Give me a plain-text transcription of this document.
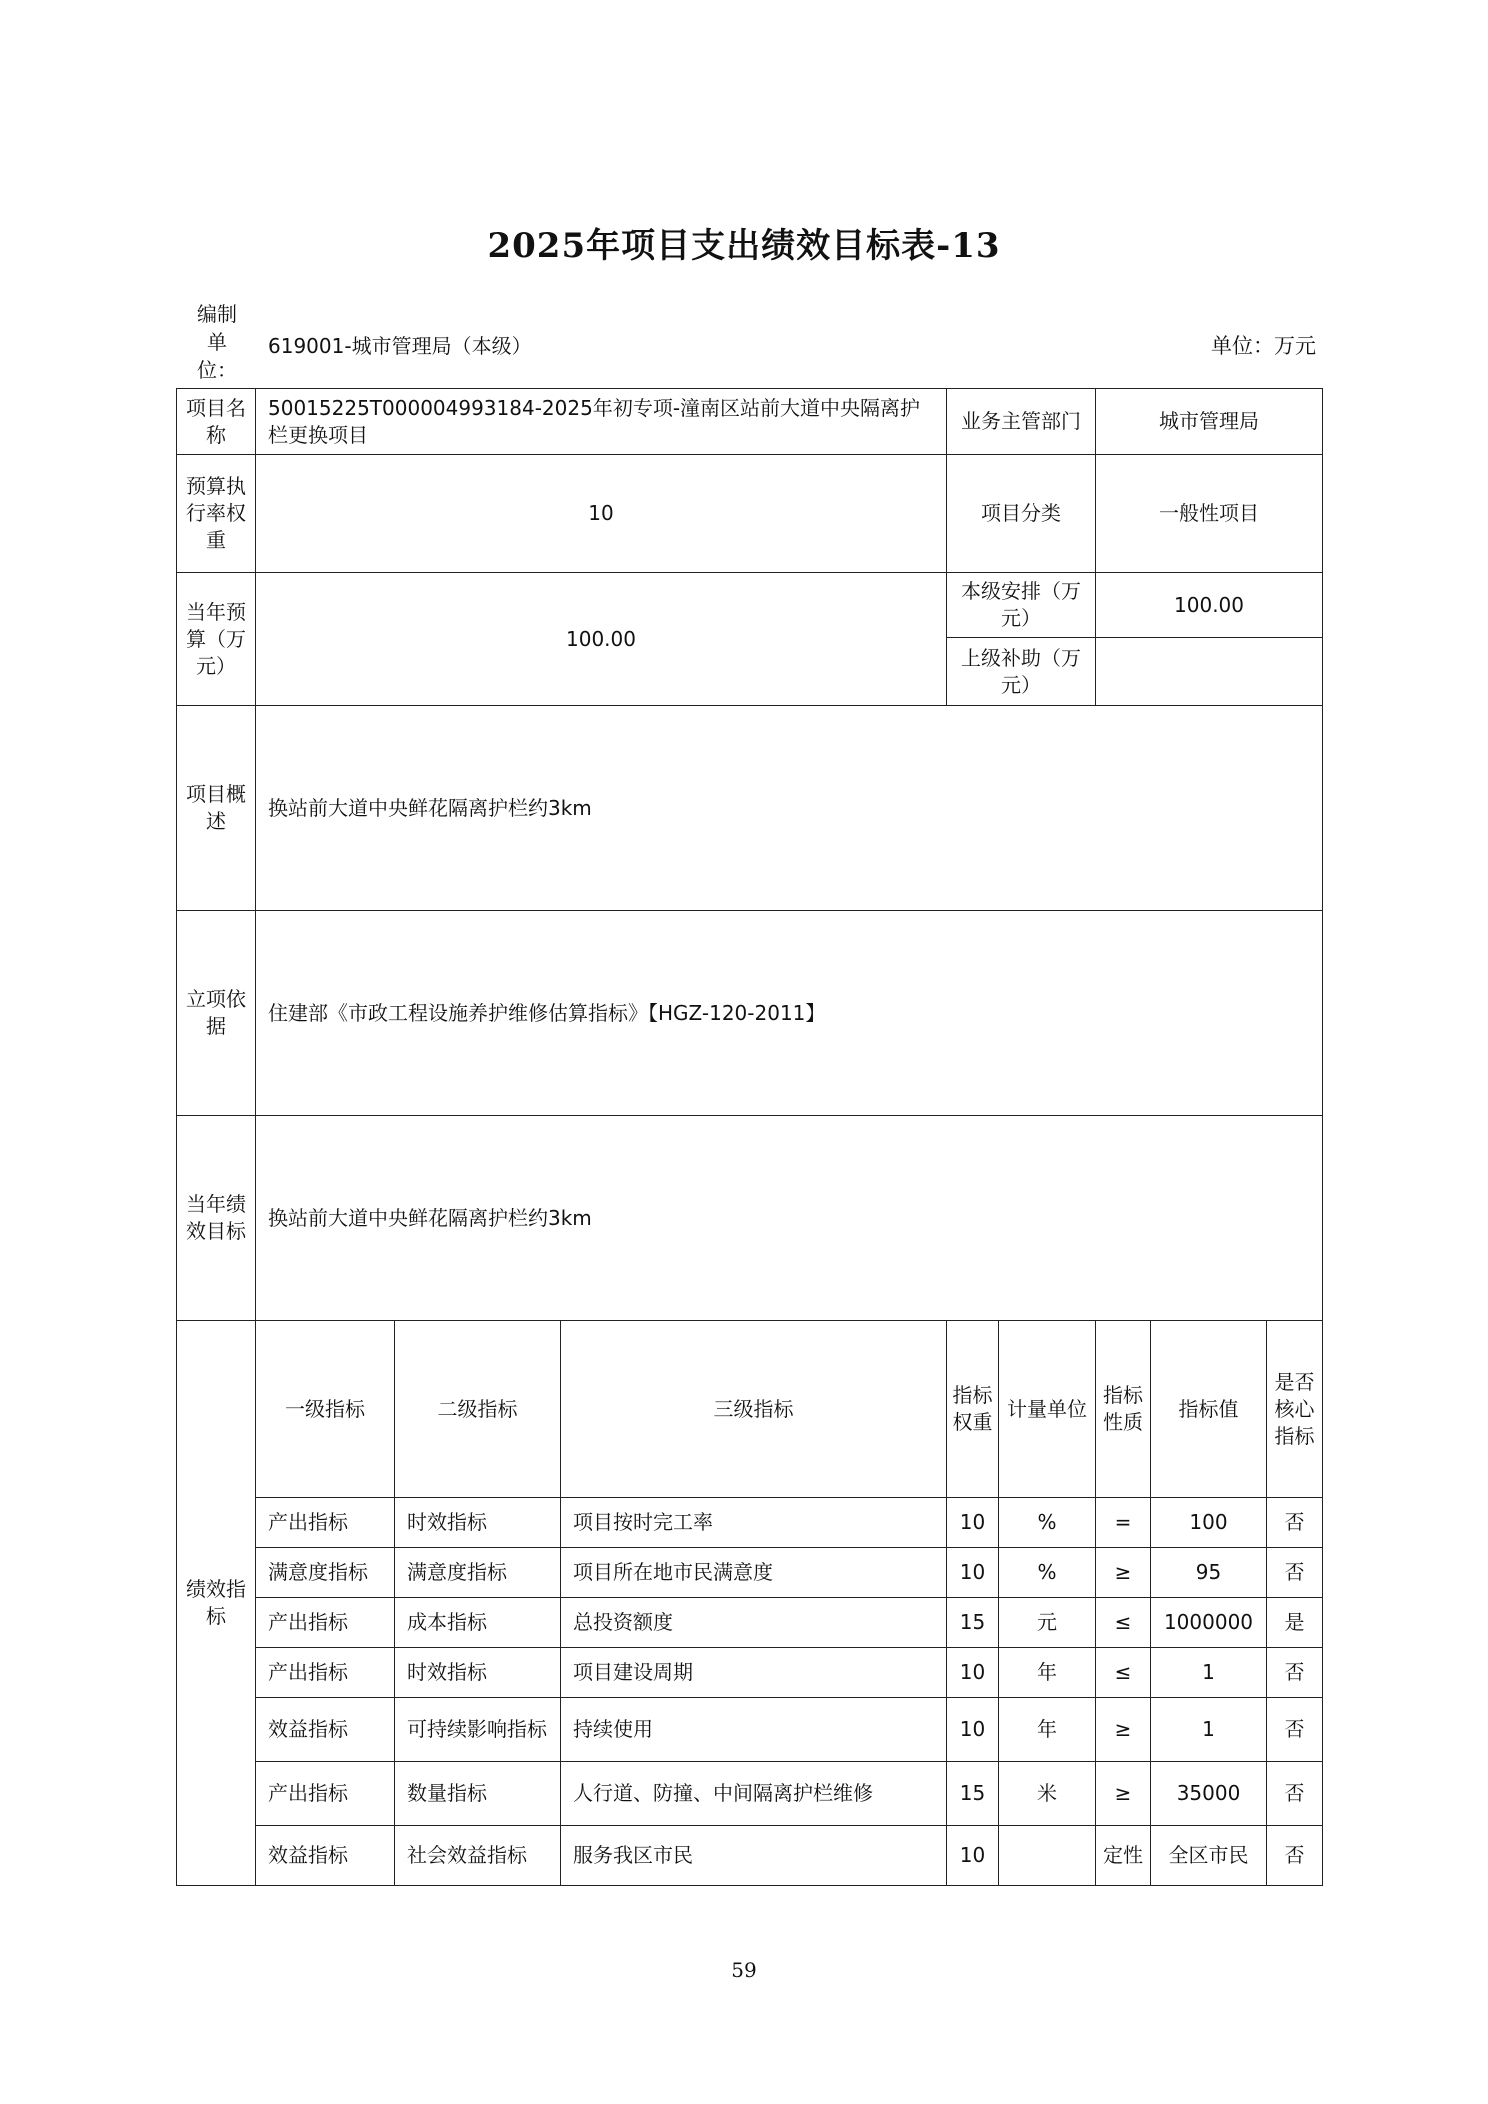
2025年项目支出绩效目标表-13
编制单位：
619001-城市管理局（本级）	单位：万元
项目名称	50015225T000004993184-2025年初专项-潼南区站前大道中央隔离护栏更换项目			业务主管部门		城市管理局		
预算执行率权重	10			项目分类		一般性项目		
当年预算（万元）	100.00			本级安排（万元）		100.00		
				上级补助（万元）				
项目概述	换站前大道中央鲜花隔离护栏约3km							
立项依据	住建部《市政工程设施养护维修估算指标》【HGZ-120-2011】							
当年绩效目标	换站前大道中央鲜花隔离护栏约3km							
绩效指标	一级指标	二级指标	三级指标	指标权重	计量单位	指标性质	指标值	是否核心指标
	产出指标	时效指标	项目按时完工率	10	%	=	100	否
	满意度指标	满意度指标	项目所在地市民满意度	10	%	≥	95	否
	产出指标	成本指标	总投资额度	15	元	≤	1000000	是
	产出指标	时效指标	项目建设周期	10	年	≤	1	否
	效益指标	可持续影响指标	持续使用	10	年	≥	1	否
	产出指标	数量指标	人行道、防撞、中间隔离护栏维修	15	米	≥	35000	否
	效益指标	社会效益指标	服务我区市民	10		定性	全区市民	否
59
